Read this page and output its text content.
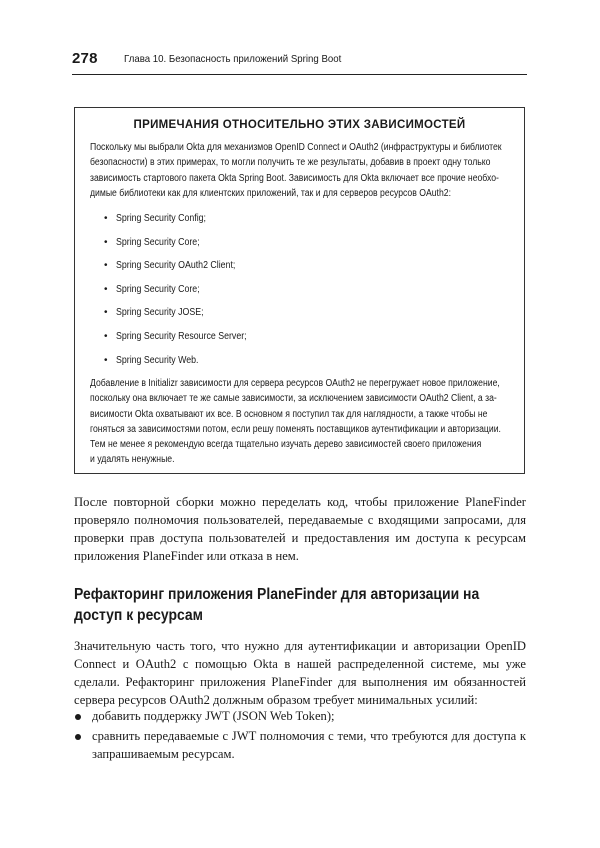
278	Глава 10. Безопасность приложений Spring Boot
ПРИМЕЧАНИЯ ОТНОСИТЕЛЬНО ЭТИХ ЗАВИСИМОСТЕЙ
Поскольку мы выбрали Okta для механизмов OpenID Connect и OAuth2 (инфраструктуры и библиотек
безопасности) в этих примерах, то могли получить те же результаты, добавив в проект одну только
зависимость стартового пакета Okta Spring Boot. Зависимость для Okta включает все прочие необхо-
димые библиотеки как для клиентских приложений, так и для серверов ресурсов OAuth2:
• Spring Security Config;
• Spring Security Core;
• Spring Security OAuth2 Client;
• Spring Security Core;
• Spring Security JOSE;
• Spring Security Resource Server;
• Spring Security Web.
Добавление в Initializr зависимости для сервера ресурсов OAuth2 не перегружает новое приложение,
поскольку она включает те же самые зависимости, за исключением зависимости OAuth2 Client, а за-
висимости Okta охватывают их все. В основном я поступил так для наглядности, а также чтобы не
гоняться за зависимостями потом, если решу поменять поставщиков аутентификации и авторизации.
Тем не менее я рекомендую всегда тщательно изучать дерево зависимостей своего приложения
и удалять ненужные.
После повторной сборки можно переделать код, чтобы приложение PlaneFinder проверяло полномочия пользователей, передаваемые с входящими запросами, для проверки прав доступа пользователей и предоставления им доступа к ресурсам приложения PlaneFinder или отказа в нем.
Рефакторинг приложения PlaneFinder для авторизации на доступ к ресурсам
Значительную часть того, что нужно для аутентификации и авторизации OpenID Connect и OAuth2 с помощью Okta в нашей распределенной системе, мы уже сделали. Рефакторинг приложения PlaneFinder для выполнения им обязанностей сервера ресурсов OAuth2 должным образом требует минимальных усилий:
добавить поддержку JWT (JSON Web Token);
сравнить передаваемые с JWT полномочия с теми, что требуются для доступа к запрашиваемым ресурсам.
